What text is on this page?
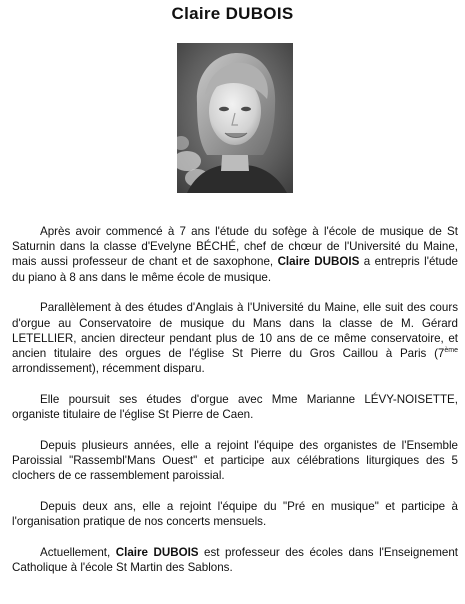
Claire DUBOIS

Après avoir commencé à 7 ans l'étude du sofège à l'école de musique de St Saturnin dans la classe d'Evelyne BÉCHÉ, chef de chœur de l'Université du Maine, mais aussi professeur de chant et de saxophone, Claire DUBOIS a entrepris l'étude du piano à 8 ans dans le même école de musique.

Parallèlement à des études d'Anglais à l'Université du Maine, elle suit des cours d'orgue au Conservatoire de musique du Mans dans la classe de M. Gérard LETELLIER, ancien directeur pendant plus de 10 ans de ce même conservatoire, et ancien titulaire des orgues de l'église St Pierre du Gros Caillou à Paris (7ème arrondissement), récemment disparu.

Elle poursuit ses études d'orgue avec Mme Marianne LÉVY-NOISETTE, organiste titulaire de l'église St Pierre de Caen.

Depuis plusieurs années, elle a rejoint l'équipe des organistes de l'Ensemble Paroissial "Rassembl'Mans Ouest" et participe aux célébrations liturgiques des 5 clochers de ce rassemblement paroissial.

Depuis deux ans, elle a rejoint l'équipe du "Pré en musique" et participe à l'organisation pratique de nos concerts mensuels.

Actuellement, Claire DUBOIS est professeur des écoles dans l'Enseignement Catholique à l'école St Martin des Sablons.
